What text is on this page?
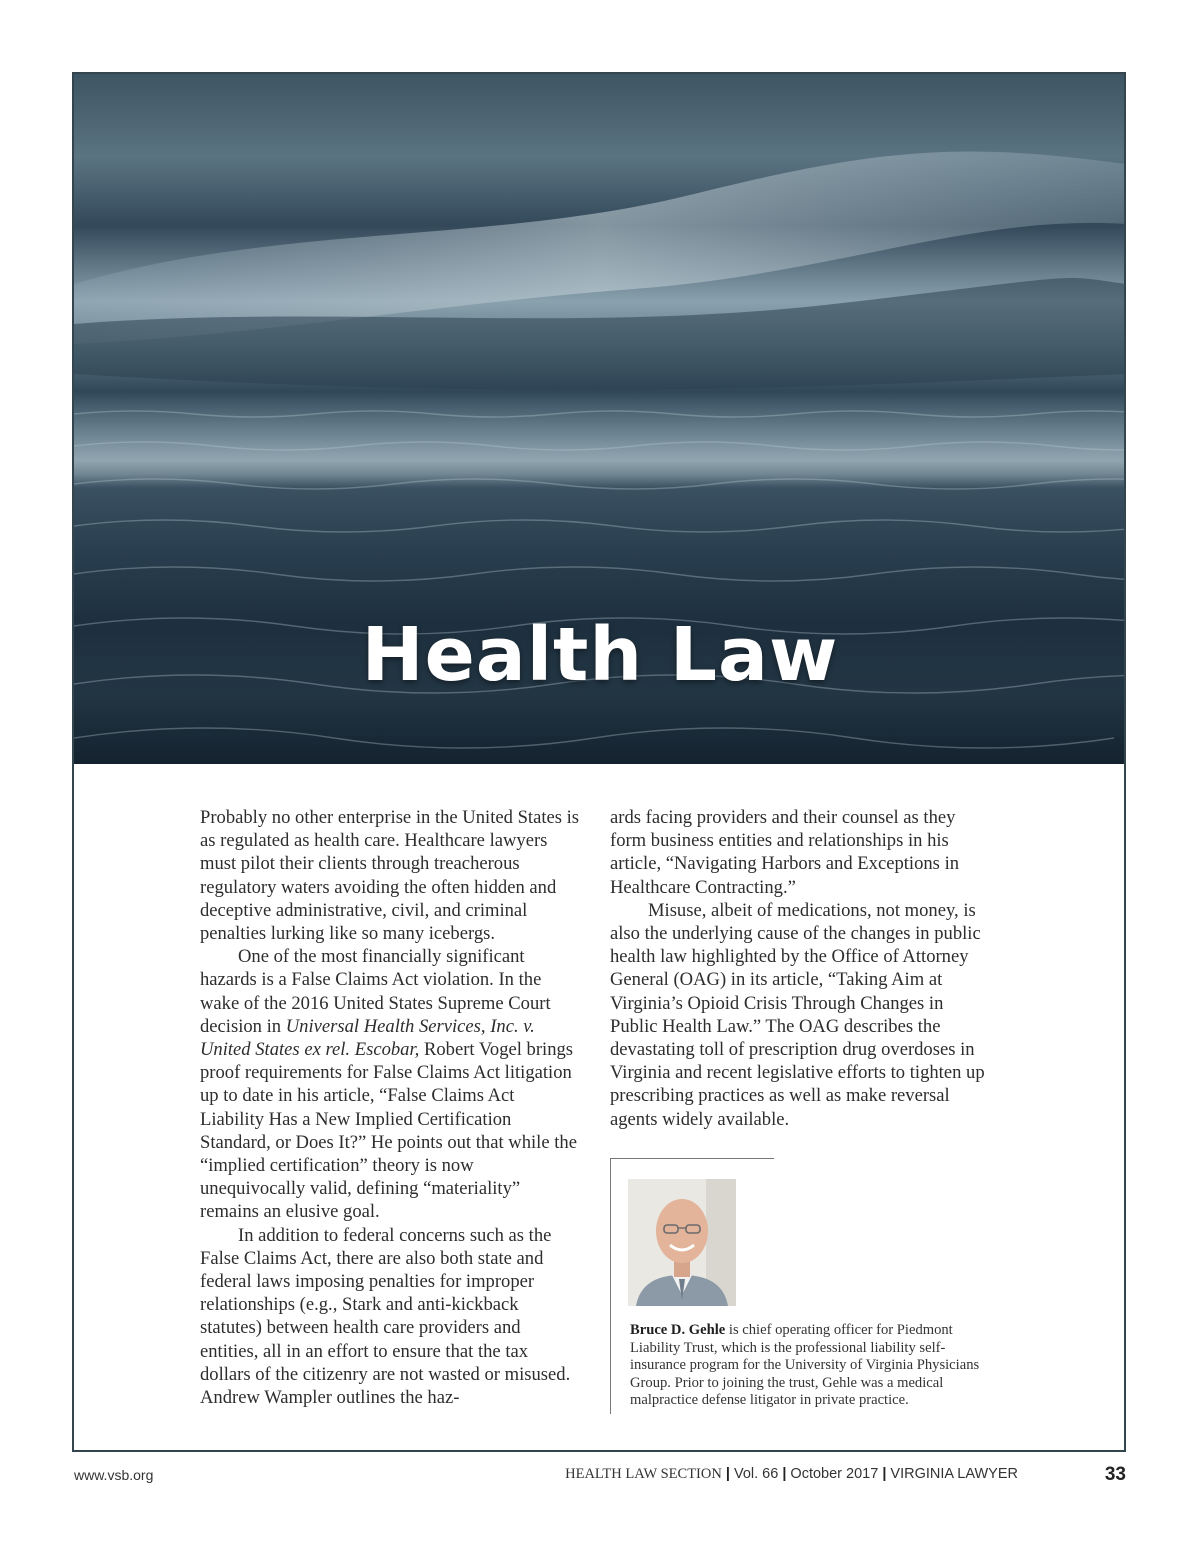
Health Law

Probably no other enterprise in the United States is as regulated as health care. Healthcare lawyers must pilot their clients through treacherous regulatory waters avoiding the often hidden and deceptive administrative, civil, and criminal penalties lurking like so many icebergs.

One of the most financially significant hazards is a False Claims Act violation. In the wake of the 2016 United States Supreme Court decision in Universal Health Services, Inc. v. United States ex rel. Escobar, Robert Vogel brings proof requirements for False Claims Act litigation up to date in his article, “False Claims Act Liability Has a New Implied Certification Standard, or Does It?” He points out that while the “implied certification” theory is now unequivocally valid, defining “materiality” remains an elusive goal.

In addition to federal concerns such as the False Claims Act, there are also both state and federal laws imposing penalties for improper relationships (e.g., Stark and anti-kickback statutes) between health care providers and entities, all in an effort to ensure that the tax dollars of the citizenry are not wasted or misused. Andrew Wampler outlines the haz-

ards facing providers and their counsel as they form business entities and relationships in his article, “Navigating Harbors and Exceptions in Healthcare Contracting.”

Misuse, albeit of medications, not money, is also the underlying cause of the changes in public health law highlighted by the Office of Attorney General (OAG) in its article, “Taking Aim at Virginia’s Opioid Crisis Through Changes in Public Health Law.” The OAG describes the devastating toll of prescription drug overdoses in Virginia and recent legislative efforts to tighten up prescribing practices as well as make reversal agents widely available.

Bruce D. Gehle is chief operating officer for Piedmont Liability Trust, which is the professional liability self-insurance program for the University of Virginia Physicians Group. Prior to joining the trust, Gehle was a medical malpractice defense litigator in private practice.
www.vsb.org	HEALTH LAW SECTION | Vol. 66 | October 2017 | VIRGINIA LAWYER	33
